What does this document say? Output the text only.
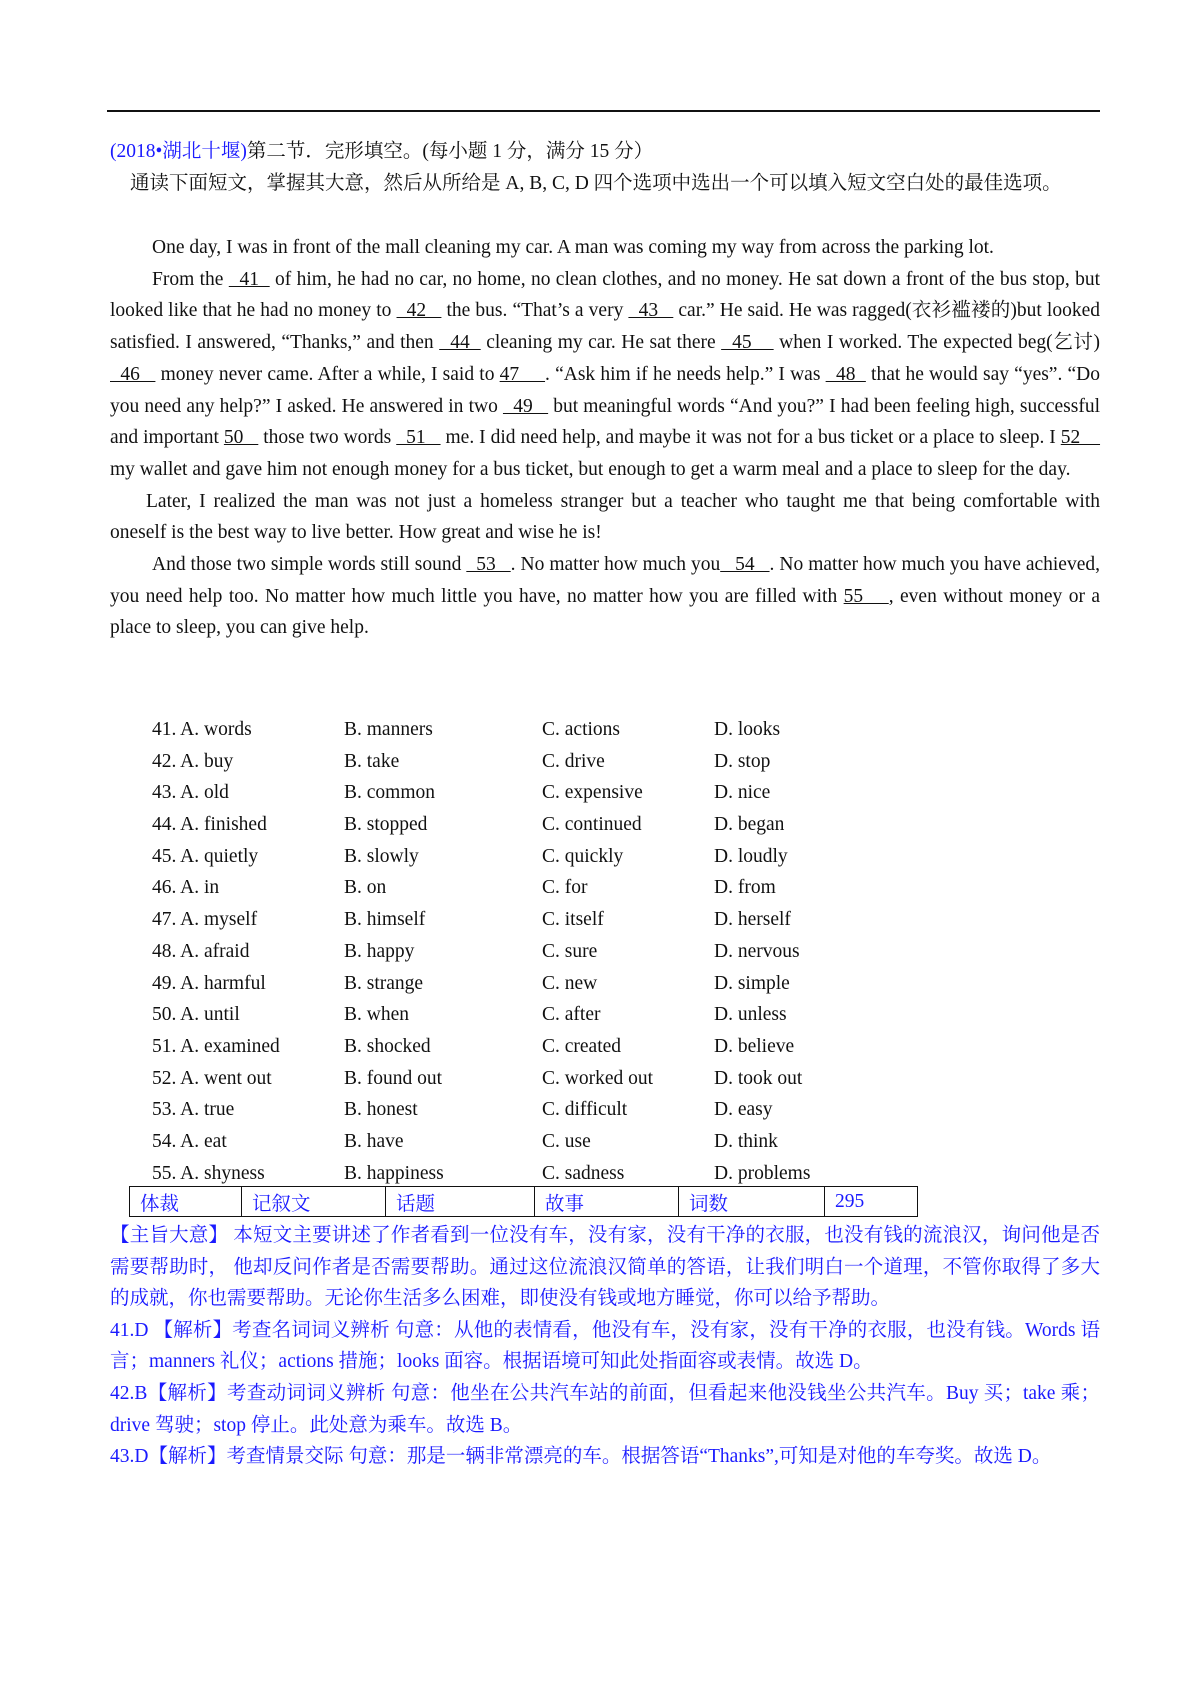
(2018•湖北十堰)第二节．完形填空。(每小题 1 分，满分 15 分）
通读下面短文，掌握其大意，然后从所给是 A, B, C, D 四个选项中选出一个可以填入短文空白处的最佳选项。

One day, I was in front of the mall cleaning my car. A man was coming my way from across the parking lot.

From the   41   of him, he had no car, no home, no clean clothes, and no money. He sat down a front of the bus stop, but looked like that he had no money to   42    the bus. “That’s a very   43    car.” He said. He was ragged(衣衫褴褛的)but looked satisfied. I answered, “Thanks,” and then   44   cleaning my car. He sat there   45     when I worked. The expected beg(乞讨)  46    money never came. After a while, I said to 47     . “Ask him if he needs help.” I was   48   that he would say “yes”. “Do you need any help?” I asked. He answered in two   49    but meaningful words “And you?” I had been feeling high, successful and important 50    those two words   51    me. I did need help, and maybe it was not for a bus ticket or a place to sleep. I 52     my wallet and gave him not enough money for a bus ticket, but enough to get a warm meal and a place to sleep for the day.

Later, I realized the man was not just a homeless stranger but a teacher who taught me that being comfortable with oneself is the best way to live better. How great and wise he is!

And those two simple words still sound   53   . No matter how much you   54   . No matter how much you have achieved, you need help too. No matter how much little you have, no matter how you are filled with 55    , even without money or a place to sleep, you can give help.

41. A. words	B. manners	C. actions	D. looks
42. A. buy	B. take	C. drive	D. stop
43. A. old	B. common	C. expensive	D. nice
44. A. finished	B. stopped	C. continued	D. began
45. A. quietly	B. slowly	C. quickly	D. loudly
46. A. in	B. on	C. for	D. from
47. A. myself	B. himself	C. itself	D. herself
48. A. afraid	B. happy	C. sure	D. nervous
49. A. harmful	B. strange	C. new	D. simple
50. A. until	B. when	C. after	D. unless
51. A. examined	B. shocked	C. created	D. believe
52. A. went out	B. found out	C. worked out	D. took out
53. A. true	B. honest	C. difficult	D. easy
54. A. eat	B. have	C. use	D. think
55. A. shyness	B. happiness	C. sadness	D. problems
体裁	记叙文	话题	故事	词数	295

【主旨大意】 本短文主要讲述了作者看到一位没有车，没有家，没有干净的衣服，也没有钱的流浪汉，询问他是否需要帮助时， 他却反问作者是否需要帮助。通过这位流浪汉简单的答语，让我们明白一个道理，不管你取得了多大的成就，你也需要帮助。无论你生活多么困难，即使没有钱或地方睡觉，你可以给予帮助。

41.D 【解析】考查名词词义辨析 句意：从他的表情看，他没有车，没有家，没有干净的衣服，也没有钱。Words 语言；manners 礼仪；actions 措施；looks 面容。根据语境可知此处指面容或表情。故选 D。

42.B【解析】考查动词词义辨析 句意：他坐在公共汽车站的前面，但看起来他没钱坐公共汽车。Buy 买；take 乘；drive 驾驶；stop 停止。此处意为乘车。故选 B。

43.D【解析】考查情景交际 句意：那是一辆非常漂亮的车。根据答语“Thanks”,可知是对他的车夸奖。故选 D。
